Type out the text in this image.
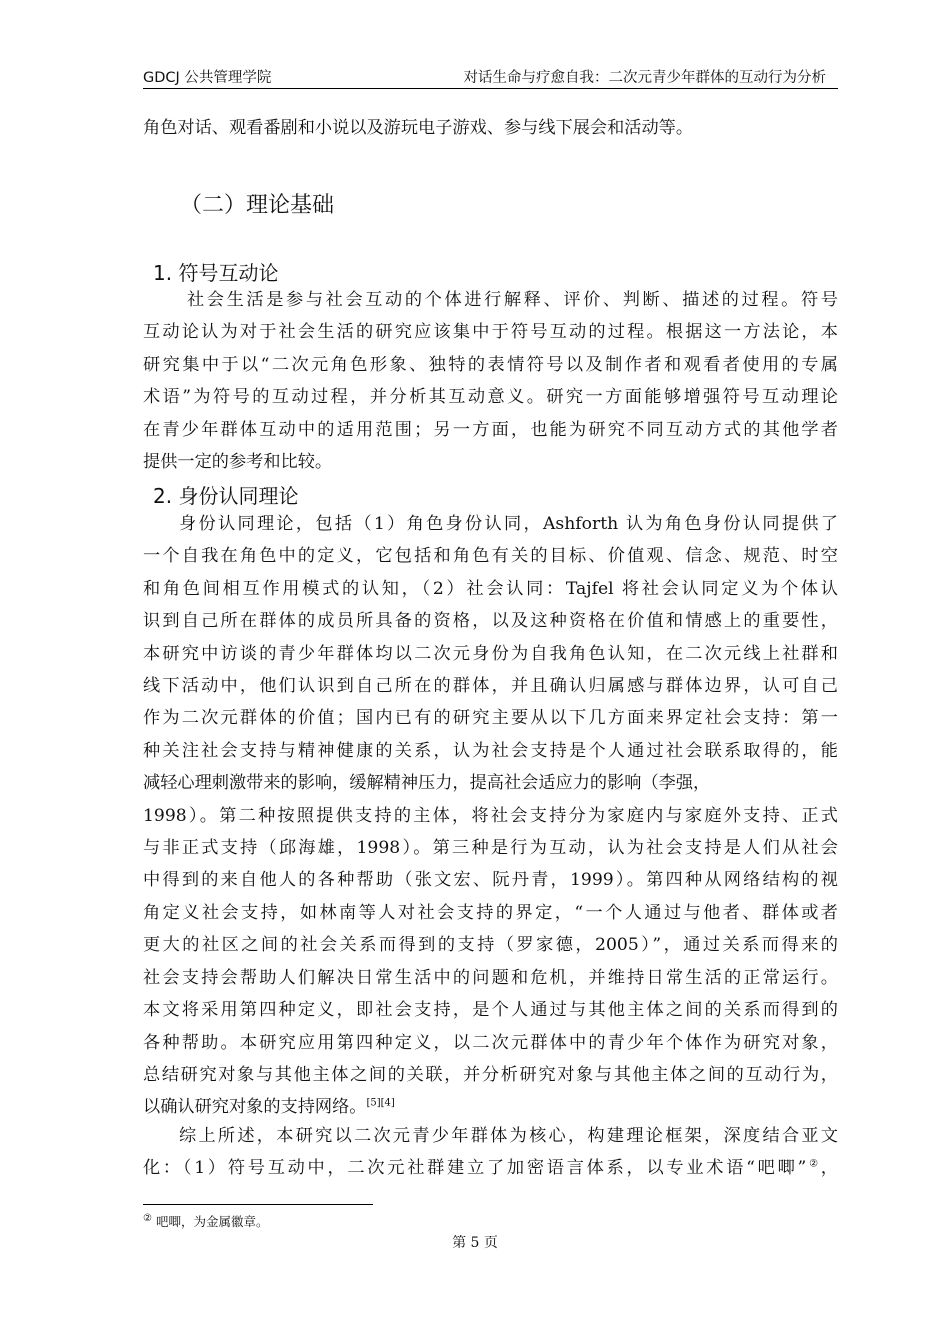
GDCJ 公共管理学院	对话生命与疗愈自我：二次元青少年群体的互动行为分析

角色对话、观看番剧和小说以及游玩电子游戏、参与线下展会和活动等。

（二）理论基础
1. 符号互动论

社会生活是参与社会互动的个体进行解释、评价、判断、描述的过程。符号
互动论认为对于社会生活的研究应该集中于符号互动的过程。根据这一方法论，本
研究集中于以“二次元角色形象、独特的表情符号以及制作者和观看者使用的专属
术语”为符号的互动过程，并分析其互动意义。研究一方面能够增强符号互动理论
在青少年群体互动中的适用范围；另一方面，也能为研究不同互动方式的其他学者
提供一定的参考和比较。

2. 身份认同理论

身份认同理论，包括（1）角色身份认同，Ashforth 认为角色身份认同提供了
一个自我在角色中的定义，它包括和角色有关的目标、价值观、信念、规范、时空
和角色间相互作用模式的认知，（2）社会认同：Tajfel 将社会认同定义为个体认
识到自己所在群体的成员所具备的资格，以及这种资格在价值和情感上的重要性，
本研究中访谈的青少年群体均以二次元身份为自我角色认知，在二次元线上社群和
线下活动中，他们认识到自己所在的群体，并且确认归属感与群体边界，认可自己
作为二次元群体的价值；国内已有的研究主要从以下几方面来界定社会支持：第一
种关注社会支持与精神健康的关系，认为社会支持是个人通过社会联系取得的，能
减轻心理刺激带来的影响，缓解精神压力，提高社会适应力的影响（李强，
1998）。第二种按照提供支持的主体，将社会支持分为家庭内与家庭外支持、正式
与非正式支持（邱海雄，1998）。第三种是行为互动，认为社会支持是人们从社会
中得到的来自他人的各种帮助（张文宏、阮丹青，1999）。第四种从网络结构的视
角定义社会支持，如林南等人对社会支持的界定，“一个人通过与他者、群体或者
更大的社区之间的社会关系而得到的支持（罗家德，2005）”，通过关系而得来的
社会支持会帮助人们解决日常生活中的问题和危机，并维持日常生活的正常运行。
本文将采用第四种定义，即社会支持，是个人通过与其他主体之间的关系而得到的
各种帮助。本研究应用第四种定义，以二次元群体中的青少年个体作为研究对象，
总结研究对象与其他主体之间的关联，并分析研究对象与其他主体之间的互动行为，
以确认研究对象的支持网络。[5][4]

综上所述，本研究以二次元青少年群体为核心，构建理论框架，深度结合亚文
化：（1）符号互动中，二次元社群建立了加密语言体系，以专业术语“吧唧”②，

② 吧唧，为金属徽章。
第 5 页
